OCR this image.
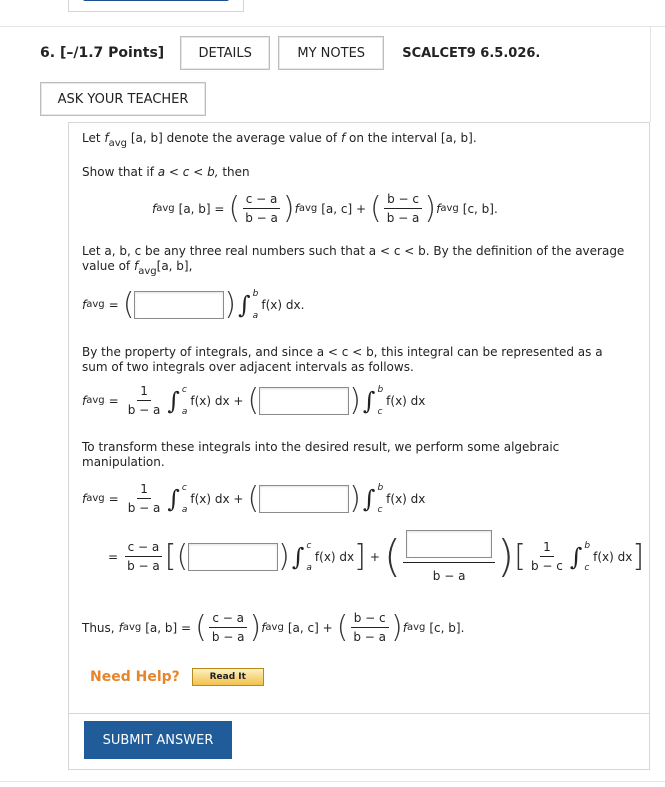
6. [–/1.7 Points]	DETAILS	MY NOTES	SCALCET9 6.5.026.
ASK YOUR TEACHER
Let $f_{avg}$ [a, b] denote the average value of f on the interval [a, b].
Show that if a < c < b, then
f avg [a, b] = ( $\frac{c - a}{b - a}$ ) f avg [a, c] + ( $\frac{b - c}{b - a}$ ) f avg [c, b].
Let a, b, c be any three real numbers such that a < c < b. By the definition of the average value of $f_{avg}[a$, b],
f avg = (	) ∫ b
a
f(x) dx.
By the property of integrals, and since a < c < b, this integral can be represented as a sum of two integrals over adjacent intervals as follows.
f avg = $\frac{1}{b - a}$ ∫ c
a
f(x) dx + (	) ∫ b
c
f(x) dx
To transform these integrals into the desired result, we perform some algebraic manipulation.
f avg = $\frac{1}{b - a}$ ∫ c
a
f(x) dx + (	) ∫ b
c
f(x) dx
= $\frac{c - a}{b - a}$ [ (	) ∫ c
a
f(x) dx ] + (	b − a ) [ $\frac{1}{b - c}$ ∫ b
c
f(x) dx ]
Thus, f avg [a, b] = ( $\frac{c - a}{b - a}$ ) f avg [a, c] + ( $\frac{b - c}{b - a}$ ) f avg [c, b].
Need Help?	Read It
SUBMIT ANSWER
